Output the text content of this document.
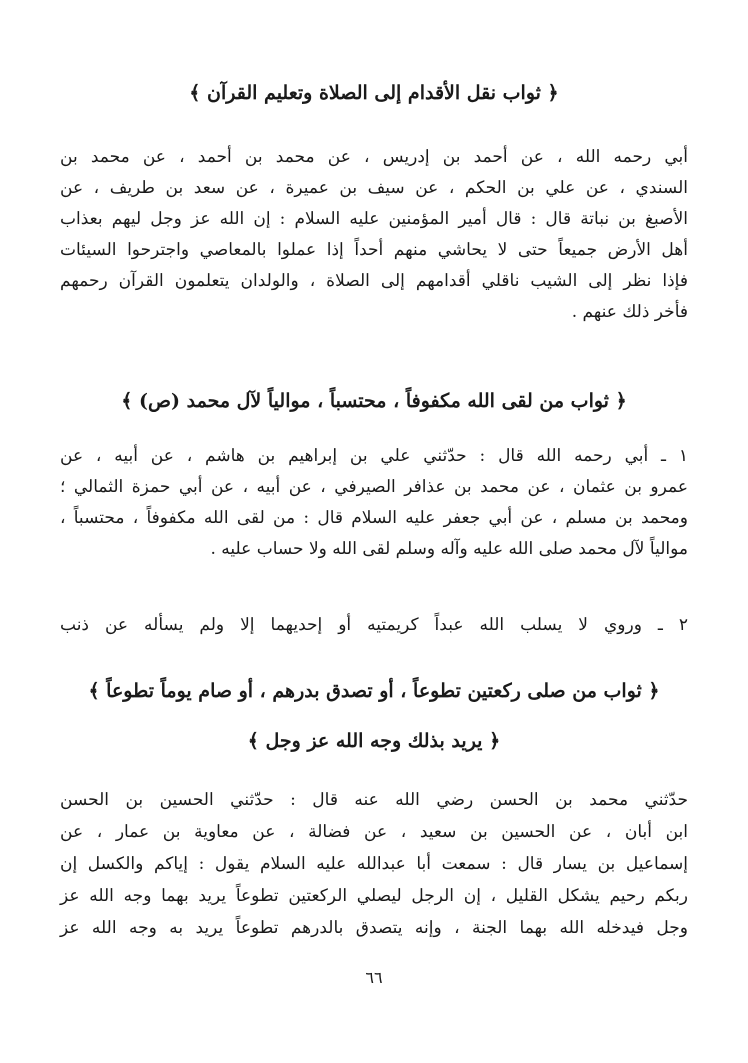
﴿ ثواب نقل الأقدام إلى الصلاة وتعليم القرآن ﴾
أبي رحمه الله ، عن أحمد بن إدريس ، عن محمد بن أحمد ، عن محمد بن
السندي ، عن علي بن الحكم ، عن سيف بن عميرة ، عن سعد بن طريف ، عن
الأصبغ بن نباتة قال : قال أمير المؤمنين عليه السلام : إن الله عز وجل ليهم بعذاب
أهل الأرض جميعاً حتى لا يحاشي منهم أحداً إذا عملوا بالمعاصي واجترحوا السيئات
فإذا نظر إلى الشيب ناقلي أقدامهم إلى الصلاة ، والولدان يتعلمون القرآن رحمهم
فأخر ذلك عنهم .
﴿ ثواب من لقى الله مكفوفاً ، محتسباً ، موالياً لآل محمد (ص) ﴾
١ ـ أبي رحمه الله قال : حدّثني علي بن إبراهيم بن هاشم ، عن أبيه ، عن
عمرو بن عثمان ، عن محمد بن عذافر الصيرفي ، عن أبيه ، عن أبي حمزة الثمالي ؛
ومحمد بن مسلم ، عن أبي جعفر عليه السلام قال : من لقى الله مكفوفاً ، محتسباً ،
موالياً لآل محمد صلى الله عليه وآله وسلم لقى الله ولا حساب عليه .
٢ ـ وروي لا يسلب الله عبداً كريمتيه أو إحديهما إلا ولم يسأله عن ذنب
﴿ ثواب من صلى ركعتين تطوعاً ، أو تصدق بدرهم ، أو صام يوماً تطوعاً ﴾
﴿ يريد بذلك وجه الله عز وجل ﴾
حدّثني محمد بن الحسن رضي الله عنه قال : حدّثني الحسين بن الحسن
ابن أبان ، عن الحسين بن سعيد ، عن فضالة ، عن معاوية بن عمار ، عن
إسماعيل بن يسار قال : سمعت أبا عبدالله عليه السلام يقول : إياكم والكسل إن
ربكم رحيم يشكل القليل ، إن الرجل ليصلي الركعتين تطوعاً يريد بهما وجه الله عز
وجل فيدخله الله بهما الجنة ، وإنه يتصدق بالدرهم تطوعاً يريد به وجه الله عز
٦٦
